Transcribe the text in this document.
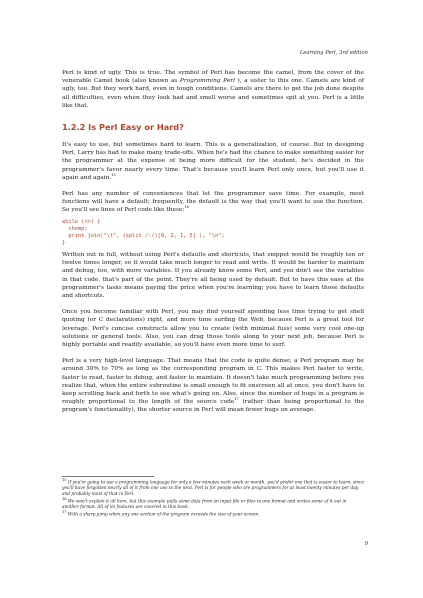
Learning Perl, 3rd edition

Perl is kind of ugly. This is true. The symbol of Perl has become the camel, from the cover of the venerable Camel book (also known as Programming Perl ), a sister to this one. Camels are kind of ugly, too. But they work hard, even in tough conditions. Camels are there to get the job done despite all difficulties, even when they look bad and smell worse and sometimes spit at you. Perl is a little like that.

1.2.2 Is Perl Easy or Hard?

It's easy to use, but sometimes hard to learn. This is a generalization, of course. But in designing Perl, Larry has had to make many trade-offs. When he's had the chance to make something easier for the programmer at the expense of being more difficult for the student, he's decided in the programmer's favor nearly every time. That's because you'll learn Perl only once, but you'll use it again and again.$^{15}$

Perl has any number of conveniences that let the programmer save time. For example, most functions will have a default; frequently, the default is the way that you'll want to use the function. So you'll see lines of Perl code like these:$^{16}$

while (<>) {
chomp;
print join("\t", (split /:/)[0, 2, 1, 5] ), "\n";
}

Written out in full, without using Perl's defaults and shortcuts, that snippet would be roughly ten or twelve times longer, so it would take much longer to read and write. It would be harder to maintain and debug, too, with more variables. If you already know some Perl, and you don't see the variables in that code, that's part of the point. They're all being used by default. But to have this ease at the programmer's tasks means paying the price when you're learning; you have to learn those defaults and shortcuts.

Once you become familiar with Perl, you may find yourself spending less time trying to get shell quoting (or C declarations) right, and more time surfing the Web, because Perl is a great tool for leverage. Perl's concise constructs allow you to create (with minimal fuss) some very cool one-up solutions or general tools. Also, you can drag those tools along to your next job, because Perl is highly portable and readily available, so you'll have even more time to surf.

Perl is a very high-level language. That means that the code is quite dense; a Perl program may be around 30% to 70% as long as the corresponding program in C. This makes Perl faster to write, faster to read, faster to debug, and faster to maintain. It doesn't take much programming before you realize that, when the entire subroutine is small enough to fit onscreen all at once, you don't have to keep scrolling back and forth to see what's going on. Also, since the number of bugs in a program is roughly proportional to the length of the source code$^{17}$ (rather than being proportional to the program's functionality), the shorter source in Perl will mean fewer bugs on average.

$^{15}$ If you're going to use a programming language for only a few minutes each week or month, you'd prefer one that is easier to learn, since you'll have forgotten nearly all of it from one use to the next. Perl is for people who are programmers for at least twenty minutes per day, and probably most of that in Perl.
$^{16}$ We won't explain it all here, but this example pulls some data from an input file or files in one format and writes some of it out in another format. All of its features are covered in this book.
$^{17}$ With a sharp jump when any one section of the program exceeds the size of your screen.
9
